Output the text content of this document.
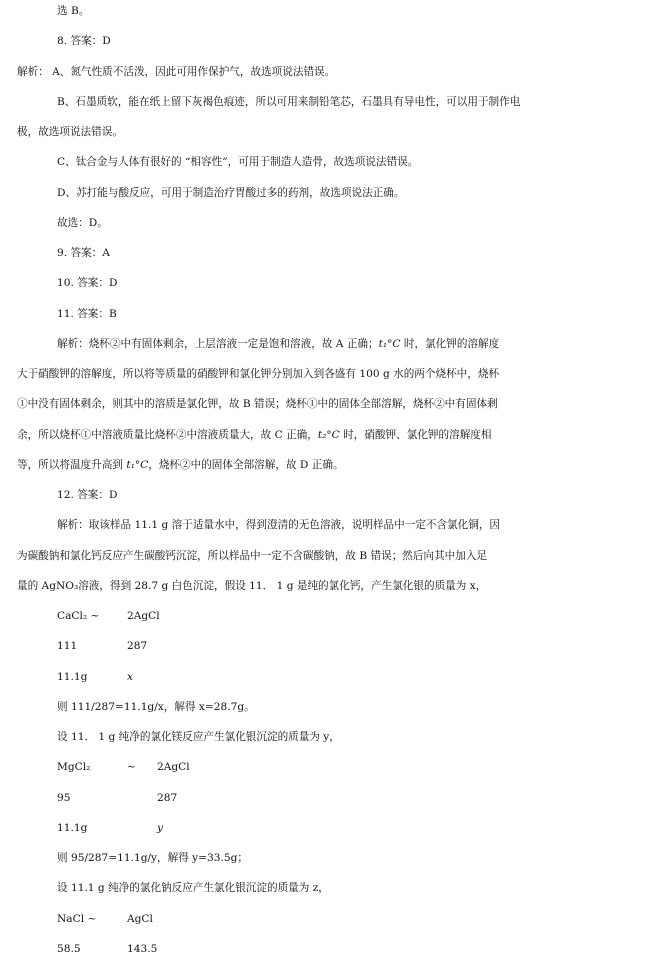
选 B。
8. 答案：D
解析： A、氮气性质不活泼，因此可用作保护气，故选项说法错误。
B、石墨质软，能在纸上留下灰褐色痕迹，所以可用来制铅笔芯，石墨具有导电性，可以用于制作电
极，故选项说法错误。
C、钛合金与人体有很好的 “相容性”，可用于制造人造骨，故选项说法错误。
D、苏打能与酸反应，可用于制造治疗胃酸过多的药剂，故选项说法正确。
故选：D。
9. 答案：A
10. 答案：D
11. 答案：B
解析：烧杯②中有固体剩余，上层溶液一定是饱和溶液，故 A 正确；t₁°C 时，氯化钾的溶解度
大于硝酸钾的溶解度，所以将等质量的硝酸钾和氯化钾分别加入到各盛有 100 g 水的两个烧杯中，烧杯
①中没有固体剩余，则其中的溶质是氯化钾，故 B 错误；烧杯①中的固体全部溶解，烧杯②中有固体剩
余，所以烧杯①中溶液质量比烧杯②中溶液质量大，故 C 正确，t₂°C 时，硝酸钾、氯化钾的溶解度相
等，所以将温度升高到 t₁°C，烧杯②中的固体全部溶解，故 D 正确。
12. 答案：D
解析：取该样品 11.1 g 溶于适量水中，得到澄清的无色溶液，说明样品中一定不含氯化铜，因
为碳酸钠和氯化钙反应产生碳酸钙沉淀，所以样品中一定不含碳酸钠，故 B 错误；然后向其中加入足
量的 AgNO₃溶液，得到 28.7 g 白色沉淀，假设 11． 1 g 是纯的氯化钙，产生氯化银的质量为 x，
CaCl₂ ~	2AgCl
111	287
11.1g	x
则 111/287=11.1g/x，解得 x=28.7g。
设 11． 1 g 纯净的氯化镁反应产生氯化银沉淀的质量为 y，
MgCl₂	~ 2AgCl
95	287
11.1g	y
则 95/287=11.1g/y，解得 y=33.5g；
设 11.1 g 纯净的氯化钠反应产生氯化银沉淀的质量为 z，
NaCl ~	AgCl
58.5	143.5
